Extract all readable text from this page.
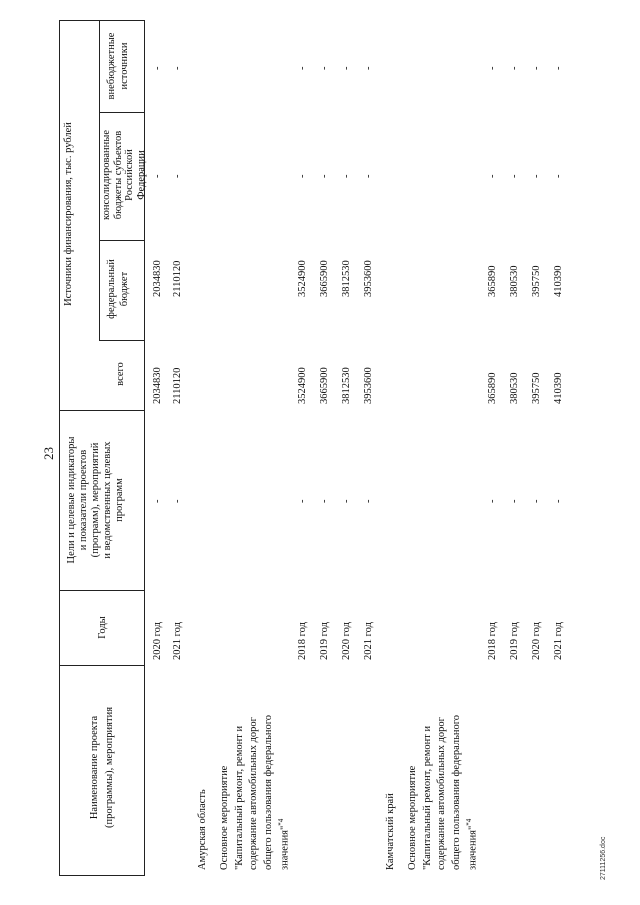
23
Наименование проекта (программы), мероприятия
Годы
Цели и целевые индикаторы и показатели проектов (программ), мероприятий и ведомственных целевых программ
Источники финансирования, тыс. рублей
всего
федеральный бюджет
консолидированные бюджеты субъектов Российской Федерации
внебюджетные источники
2020 год
-
2034830
2034830
-
-
2021 год
-
2110120
2110120
-
-
Амурская область Основное мероприятие "Капитальный ремонт, ремонт и содержание автомобильных дорог общего пользования федерального значения"$^{*4}$
2018 год
-
3524900
3524900
-
-
2019 год
-
3665900
3665900
-
-
2020 год
-
3812530
3812530
-
-
2021 год
-
3953600
3953600
-
-
Камчатский край Основное мероприятие "Капитальный ремонт, ремонт и содержание автомобильных дорог общего пользования федерального значения"$^{*4}$
2018 год
-
365890
365890
-
-
2019 год
-
380530
380530
-
-
2020 год
-
395750
395750
-
-
2021 год
-
410390
410390
-
-
27111256.doc
